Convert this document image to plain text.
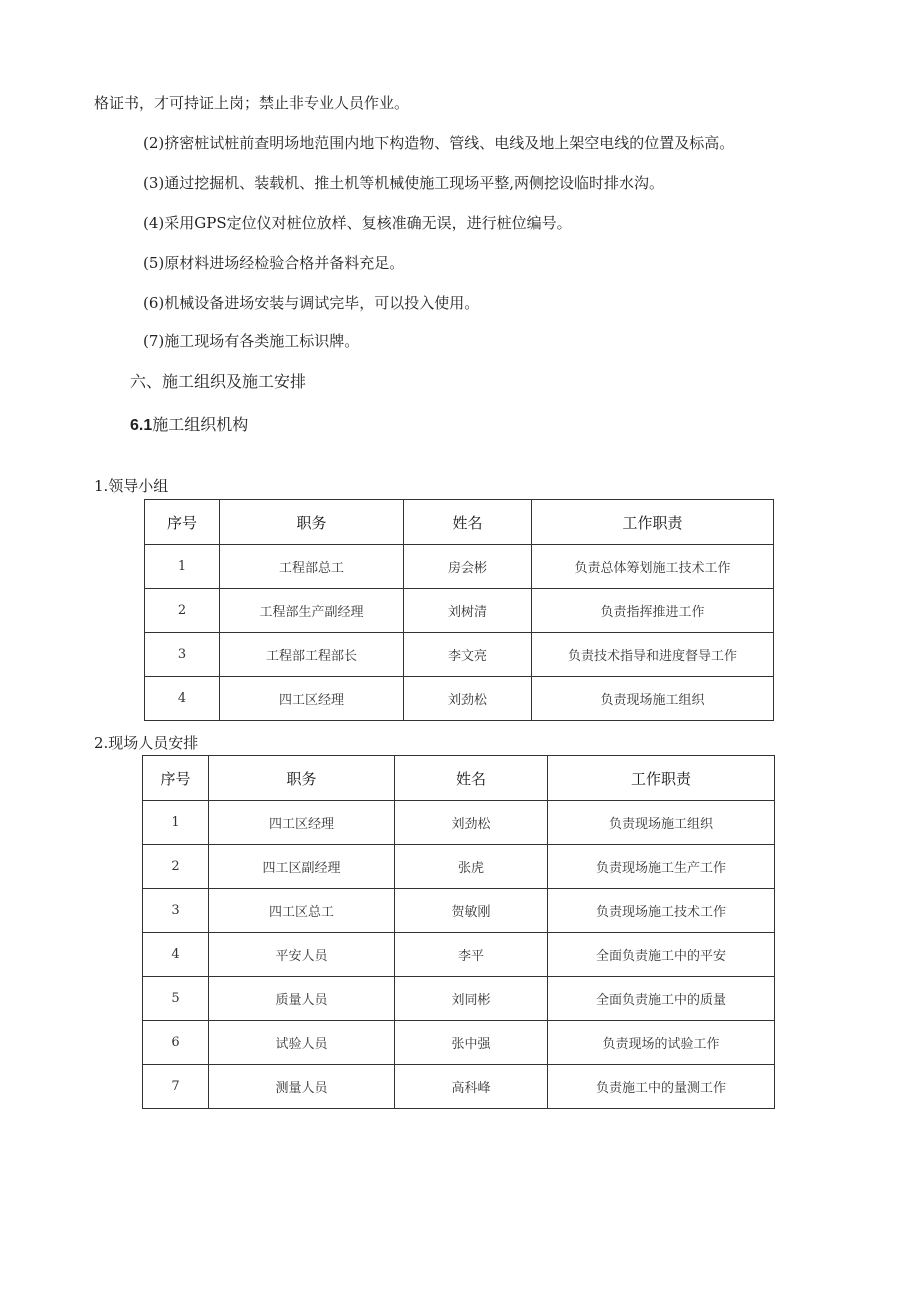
格证书，才可持证上岗；禁止非专业人员作业。

(2)挤密桩试桩前查明场地范围内地下构造物、管线、电线及地上架空电线的位置及标高。

(3)通过挖掘机、装载机、推土机等机械使施工现场平整,两侧挖设临时排水沟。

(4)采用GPS定位仪对桩位放样、复核准确无误，进行桩位编号。

(5)原材料进场经检验合格并备料充足。

(6)机械设备进场安装与调试完毕，可以投入使用。

(7)施工现场有各类施工标识牌。

六、施工组织及施工安排

6.1施工组织机构

1.领导小组

序号	职务	姓名	工作职责
1	工程部总工	房会彬	负责总体筹划施工技术工作
2	工程部生产副经理	刘树清	负责指挥推进工作
3	工程部工程部长	李文亮	负责技术指导和进度督导工作
4	四工区经理	刘劲松	负责现场施工组织

2.现场人员安排

序号	职务	姓名	工作职责
1	四工区经理	刘劲松	负责现场施工组织
2	四工区副经理	张虎	负责现场施工生产工作
3	四工区总工	贺敏刚	负责现场施工技术工作
4	平安人员	李平	全面负责施工中的平安
5	质量人员	刘同彬	全面负责施工中的质量
6	试验人员	张中强	负责现场的试验工作
7	测量人员	高科峰	负责施工中的量测工作
